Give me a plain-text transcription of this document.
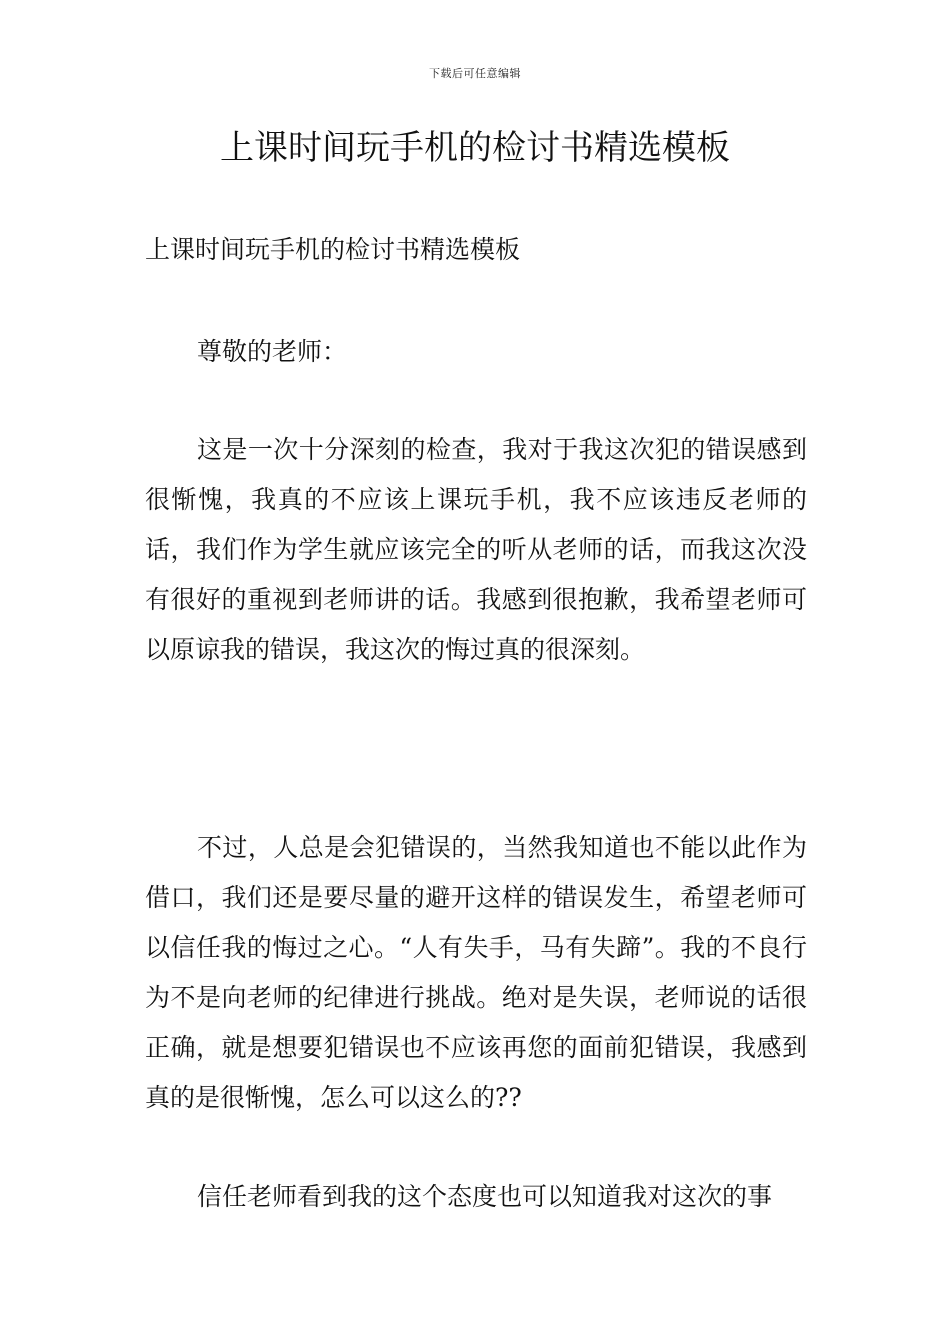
下载后可任意编辑
上课时间玩手机的检讨书精选模板

上课时间玩手机的检讨书精选模板

尊敬的老师：

这是一次十分深刻的检查，我对于我这次犯的错误感到很惭愧，我真的不应该上课玩手机，我不应该违反老师的话，我们作为学生就应该完全的听从老师的话，而我这次没有很好的重视到老师讲的话。我感到很抱歉，我希望老师可以原谅我的错误，我这次的悔过真的很深刻。

不过，人总是会犯错误的，当然我知道也不能以此作为借口，我们还是要尽量的避开这样的错误发生，希望老师可以信任我的悔过之心。“人有失手，马有失蹄”。我的不良行为不是向老师的纪律进行挑战。绝对是失误，老师说的话很正确，就是想要犯错误也不应该再您的面前犯错误，我感到真的是很惭愧，怎么可以这么的??

信任老师看到我的这个态度也可以知道我对这次的事
